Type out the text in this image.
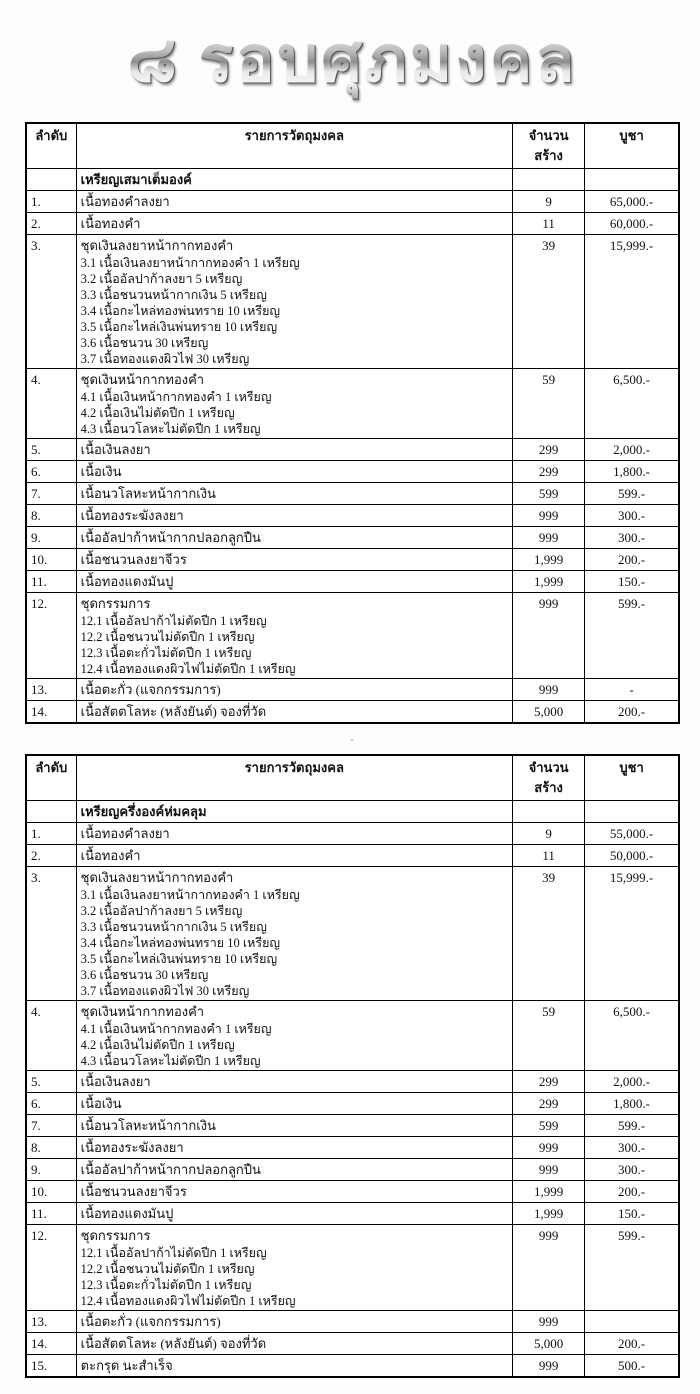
๘ รอบศุภมงคล
ลำดับ	รายการวัตถุมงคล	จำนวนสร้าง	บูชา
	เหรียญเสมาเต็มองค์		
1.	เนื้อทองคำลงยา	9	65,000.-
2.	เนื้อทองคำ	11	60,000.-
3.	ชุดเงินลงยาหน้ากากทองคำ
3.1 เนื้อเงินลงยาหน้ากากทองคำ 1 เหรียญ
3.2 เนื้ออัลปาก้าลงยา 5 เหรียญ
3.3 เนื้อชนวนหน้ากากเงิน 5 เหรียญ
3.4 เนื้อกะไหล่ทองพ่นทราย 10 เหรียญ
3.5 เนื้อกะไหล่เงินพ่นทราย 10 เหรียญ
3.6 เนื้อชนวน 30 เหรียญ
3.7 เนื้อทองแดงผิวไฟ 30 เหรียญ
	39	15,999.-
4.	ชุดเงินหน้ากากทองคำ
4.1 เนื้อเงินหน้ากากทองคำ 1 เหรียญ
4.2 เนื้อเงินไม่ตัดปีก 1 เหรียญ
4.3 เนื้อนวโลหะไม่ตัดปีก 1 เหรียญ	59	6,500.-
5.	เนื้อเงินลงยา	299	2,000.-
6.	เนื้อเงิน	299	1,800.-
7.	เนื้อนวโลหะหน้ากากเงิน	599	599.-
8.	เนื้อทองระฆังลงยา	999	300.-
9.	เนื้ออัลปาก้าหน้ากากปลอกลูกปืน	999	300.-
10.	เนื้อชนวนลงยาจีวร	1,999	200.-
11.	เนื้อทองแดงมันปู	1,999	150.-
12.	ชุดกรรมการ
12.1 เนื้ออัลปาก้าไม่ตัดปีก 1 เหรียญ
12.2 เนื้อชนวนไม่ตัดปีก 1 เหรียญ
12.3 เนื้อตะกั่วไม่ตัดปีก 1 เหรียญ
12.4 เนื้อทองแดงผิวไฟไม่ตัดปีก 1 เหรียญ	999	599.-
13.	เนื้อตะกั่ว (แจกกรรมการ)	999	-
14.	เนื้อสัตตโลหะ (หลังยันต์) จองที่วัด	5,000	200.-
-
ลำดับ	รายการวัตถุมงคล	จำนวนสร้าง	บูชา
	เหรียญครึ่งองค์ห่มคลุม		
1.	เนื้อทองคำลงยา	9	55,000.-
2.	เนื้อทองคำ	11	50,000.-
3.	ชุดเงินลงยาหน้ากากทองคำ
3.1 เนื้อเงินลงยาหน้ากากทองคำ 1 เหรียญ
3.2 เนื้ออัลปาก้าลงยา 5 เหรียญ
3.3 เนื้อชนวนหน้ากากเงิน 5 เหรียญ
3.4 เนื้อกะไหล่ทองพ่นทราย 10 เหรียญ
3.5 เนื้อกะไหล่เงินพ่นทราย 10 เหรียญ
3.6 เนื้อชนวน 30 เหรียญ
3.7 เนื้อทองแดงผิวไฟ 30 เหรียญ
	39	15,999.-
4.	ชุดเงินหน้ากากทองคำ
4.1 เนื้อเงินหน้ากากทองคำ 1 เหรียญ
4.2 เนื้อเงินไม่ตัดปีก 1 เหรียญ
4.3 เนื้อนวโลหะไม่ตัดปีก 1 เหรียญ	59	6,500.-
5.	เนื้อเงินลงยา	299	2,000.-
6.	เนื้อเงิน	299	1,800.-
7.	เนื้อนวโลหะหน้ากากเงิน	599	599.-
8.	เนื้อทองระฆังลงยา	999	300.-
9.	เนื้ออัลปาก้าหน้ากากปลอกลูกปืน	999	300.-
10.	เนื้อชนวนลงยาจีวร	1,999	200.-
11.	เนื้อทองแดงมันปู	1,999	150.-
12.	ชุดกรรมการ
12.1 เนื้ออัลปาก้าไม่ตัดปีก 1 เหรียญ
12.2 เนื้อชนวนไม่ตัดปีก 1 เหรียญ
12.3 เนื้อตะกั่วไม่ตัดปีก 1 เหรียญ
12.4 เนื้อทองแดงผิวไฟไม่ตัดปีก 1 เหรียญ	999	599.-
13.	เนื้อตะกั่ว (แจกกรรมการ)	999	
14.	เนื้อสัตตโลหะ (หลังยันต์) จองที่วัด	5,000	200.-
15.	ตะกรุด นะสำเร็จ	999	500.-
